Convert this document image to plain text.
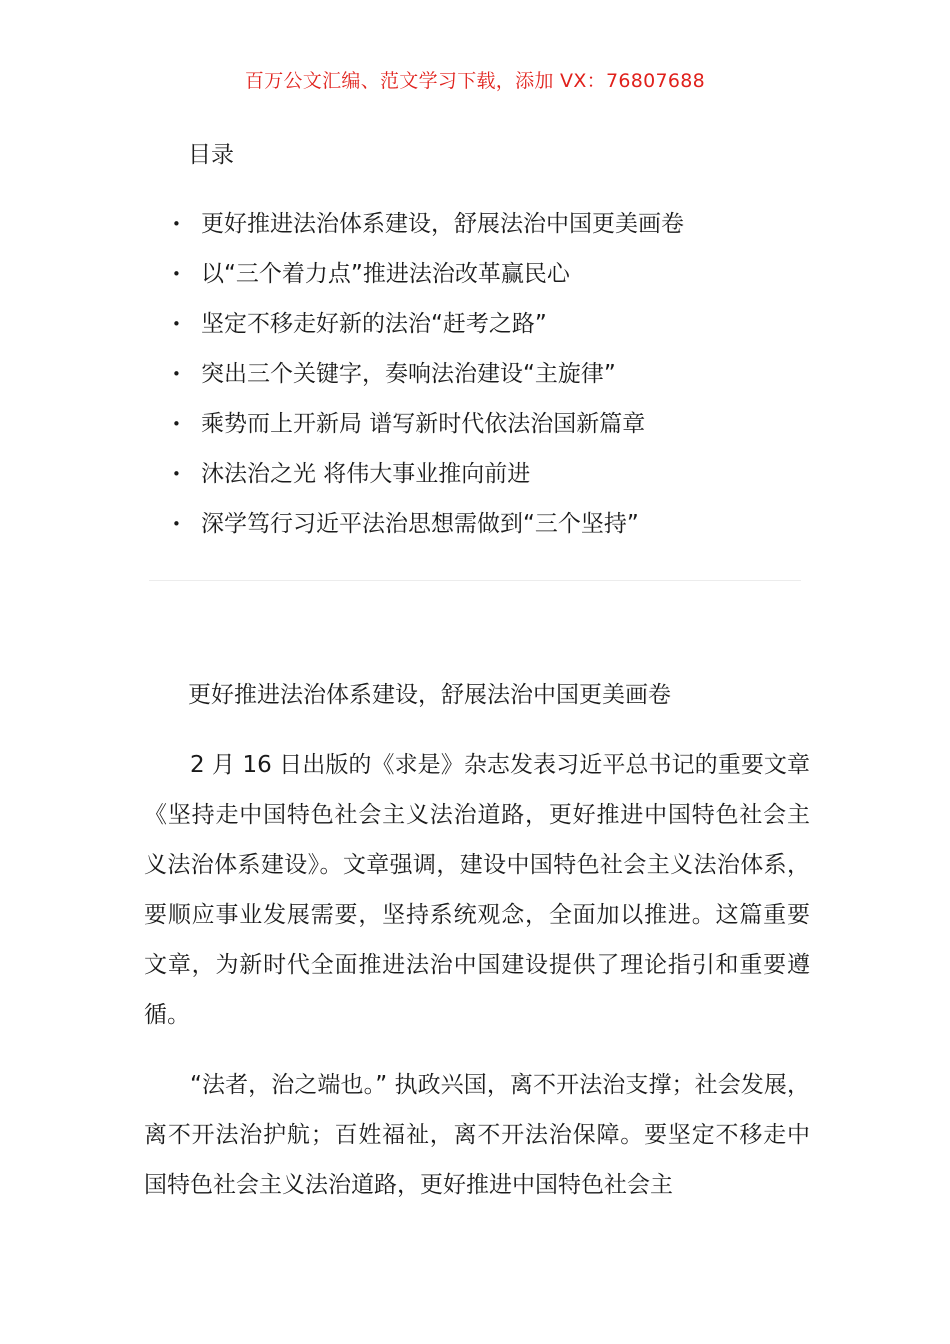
百万公文汇编、范文学习下载，添加 VX：76807688
目录
• 更好推进法治体系建设，舒展法治中国更美画卷
• 以“三个着力点”推进法治改革赢民心
• 坚定不移走好新的法治“赶考之路”
• 突出三个关键字，奏响法治建设“主旋律”
• 乘势而上开新局 谱写新时代依法治国新篇章
• 沐法治之光 将伟大事业推向前进
• 深学笃行习近平法治思想需做到“三个坚持”
更好推进法治体系建设，舒展法治中国更美画卷

2 月 16 日出版的《求是》杂志发表习近平总书记的重要文章《坚持走中国特色社会主义法治道路，更好推进中国特色社会主义法治体系建设》。文章强调，建设中国特色社会主义法治体系，要顺应事业发展需要，坚持系统观念，全面加以推进。这篇重要文章，为新时代全面推进法治中国建设提供了理论指引和重要遵循。

“法者，治之端也。” 执政兴国，离不开法治支撑；社会发展，离不开法治护航；百姓福祉，离不开法治保障。要坚定不移走中国特色社会主义法治道路，更好推进中国特色社会主
